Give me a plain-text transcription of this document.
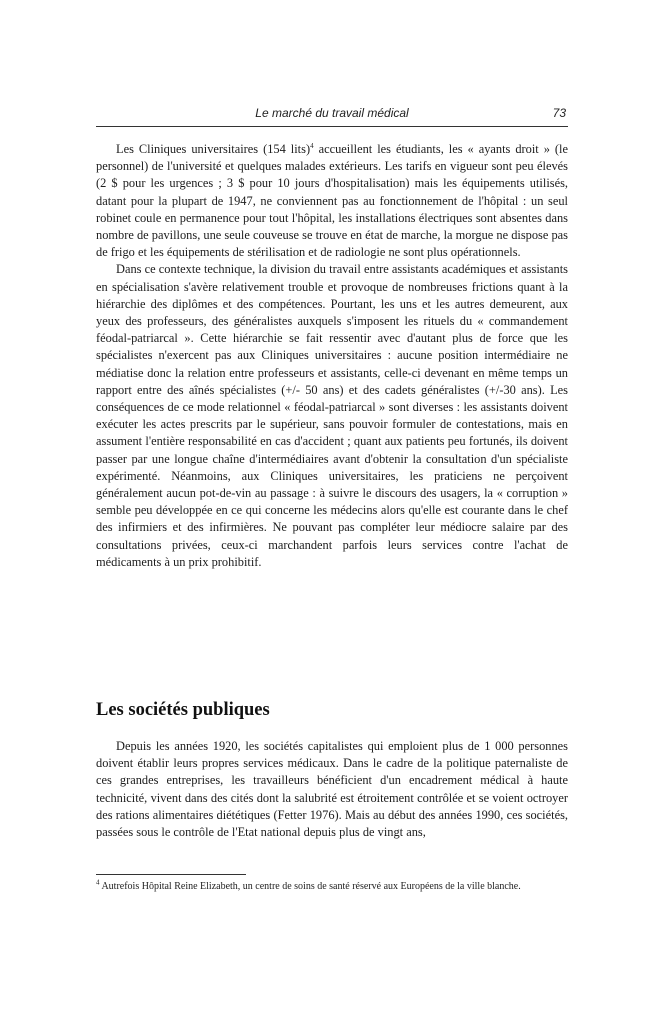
Le marché du travail médical	73

Les Cliniques universitaires (154 lits)$^4$ accueillent les étudiants, les « ayants droit » (le personnel) de l'université et quelques malades extérieurs. Les tarifs en vigueur sont peu élevés (2 $ pour les urgences ; 3 $ pour 10 jours d'hospitalisation) mais les équipements utilisés, datant pour la plupart de 1947, ne conviennent pas au fonctionnement de l'hôpital : un seul robinet coule en permanence pour tout l'hôpital, les installations électriques sont absentes dans nombre de pavillons, une seule couveuse se trouve en état de marche, la morgue ne dispose pas de frigo et les équipements de stérilisation et de radiologie ne sont plus opérationnels.

Dans ce contexte technique, la division du travail entre assistants académiques et assistants en spécialisation s'avère relativement trouble et provoque de nombreuses frictions quant à la hiérarchie des diplômes et des compétences. Pourtant, les uns et les autres demeurent, aux yeux des professeurs, des généralistes auxquels s'imposent les rituels du « commandement féodal-patriarcal ». Cette hiérarchie se fait ressentir avec d'autant plus de force que les spécialistes n'exercent pas aux Cliniques universitaires : aucune position intermédiaire ne médiatise donc la relation entre professeurs et assistants, celle-ci devenant en même temps un rapport entre des aînés spécialistes (+/- 50 ans) et des cadets généralistes (+/-30 ans). Les conséquences de ce mode relationnel « féodal-patriarcal » sont diverses : les assistants doivent exécuter les actes prescrits par le supérieur, sans pouvoir formuler de contestations, mais en assument l'entière responsabilité en cas d'accident ; quant aux patients peu fortunés, ils doivent passer par une longue chaîne d'intermédiaires avant d'obtenir la consultation d'un spécialiste expérimenté. Néanmoins, aux Cliniques universitaires, les praticiens ne perçoivent généralement aucun pot-de-vin au passage : à suivre le discours des usagers, la « corruption » semble peu développée en ce qui concerne les médecins alors qu'elle est courante dans le chef des infirmiers et des infirmières. Ne pouvant pas compléter leur médiocre salaire par des consultations privées, ceux-ci marchandent parfois leurs services contre l'achat de médicaments à un prix prohibitif.

Les sociétés publiques

Depuis les années 1920, les sociétés capitalistes qui emploient plus de 1 000 personnes doivent établir leurs propres services médicaux. Dans le cadre de la politique paternaliste de ces grandes entreprises, les travailleurs bénéficient d'un encadrement médical à haute technicité, vivent dans des cités dont la salubrité est étroitement contrôlée et se voient octroyer des rations alimentaires diététiques (Fetter 1976). Mais au début des années 1990, ces sociétés, passées sous le contrôle de l'Etat national depuis plus de vingt ans,

$^4$ Autrefois Hôpital Reine Elizabeth, un centre de soins de santé réservé aux Européens de la ville blanche.
